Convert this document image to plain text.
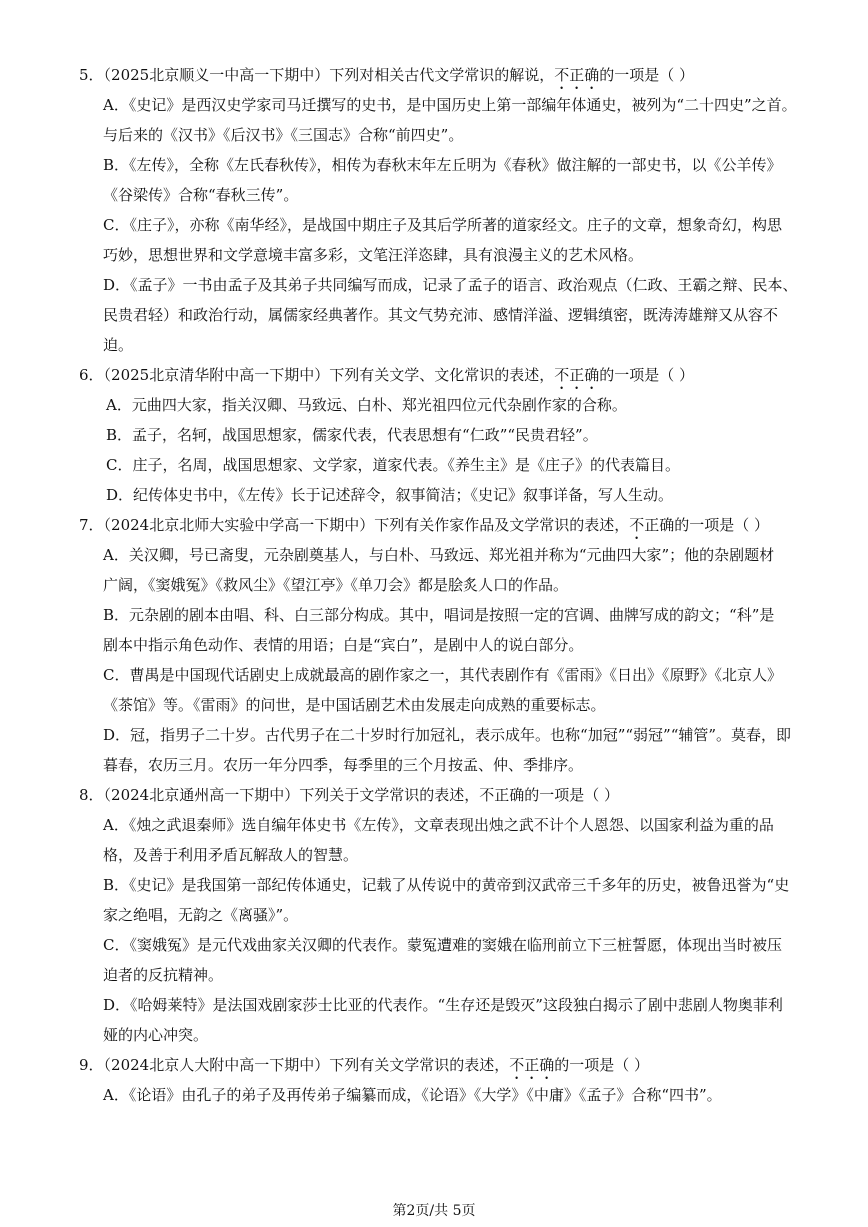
5．（2025北京顺义一中高一下期中）下列对相关古代文学常识的解说，不正确的一项是（ ）
A．《史记》是西汉史学家司马迁撰写的史书，是中国历史上第一部编年体通史，被列为“二十四史”之首。
与后来的《汉书》《后汉书》《三国志》合称“前四史”。
B．《左传》，全称《左氏春秋传》，相传为春秋末年左丘明为《春秋》做注解的一部史书，以《公羊传》
《谷梁传》合称“春秋三传”。
C．《庄子》，亦称《南华经》，是战国中期庄子及其后学所著的道家经文。庄子的文章，想象奇幻，构思
巧妙，思想世界和文学意境丰富多彩，文笔汪洋恣肆，具有浪漫主义的艺术风格。
D．《孟子》一书由孟子及其弟子共同编写而成，记录了孟子的语言、政治观点（仁政、王霸之辩、民本、
民贵君轻）和政治行动，属儒家经典著作。其文气势充沛、感情洋溢、逻辑缜密，既涛涛雄辩又从容不
迫。
6．（2025北京清华附中高一下期中）下列有关文学、文化常识的表述，不正确的一项是（ ）
A．元曲四大家，指关汉卿、马致远、白朴、郑光祖四位元代杂剧作家的合称。
B．孟子，名轲，战国思想家，儒家代表，代表思想有“仁政”“民贵君轻”。
C．庄子，名周，战国思想家、文学家，道家代表。《养生主》是《庄子》的代表篇目。
D．纪传体史书中，《左传》长于记述辞令，叙事简洁；《史记》叙事详备，写人生动。
7．（2024北京北师大实验中学高一下期中）下列有关作家作品及文学常识的表述，不正确的一项是（ ）
A．关汉卿，号已斋叟，元杂剧奠基人，与白朴、马致远、郑光祖并称为“元曲四大家”；他的杂剧题材
广阔，《窦娥冤》《救风尘》《望江亭》《单刀会》都是脍炙人口的作品。
B．元杂剧的剧本由唱、科、白三部分构成。其中，唱词是按照一定的宫调、曲牌写成的韵文；“科”是
剧本中指示角色动作、表情的用语；白是“宾白”，是剧中人的说白部分。
C．曹禺是中国现代话剧史上成就最高的剧作家之一，其代表剧作有《雷雨》《日出》《原野》《北京人》
《茶馆》等。《雷雨》的问世，是中国话剧艺术由发展走向成熟的重要标志。
D．冠，指男子二十岁。古代男子在二十岁时行加冠礼，表示成年。也称“加冠”“弱冠”“辅管”。莫春，即
暮春，农历三月。农历一年分四季，每季里的三个月按孟、仲、季排序。
8．（2024北京通州高一下期中）下列关于文学常识的表述，不正确的一项是（ ）
A．《烛之武退秦师》选自编年体史书《左传》，文章表现出烛之武不计个人恩怨、以国家利益为重的品
格，及善于利用矛盾瓦解敌人的智慧。
B．《史记》是我国第一部纪传体通史，记载了从传说中的黄帝到汉武帝三千多年的历史，被鲁迅誉为“史
家之绝唱，无韵之《离骚》”。
C．《窦娥冤》是元代戏曲家关汉卿的代表作。蒙冤遭难的窦娥在临刑前立下三桩誓愿，体现出当时被压
迫者的反抗精神。
D．《哈姆莱特》是法国戏剧家莎士比亚的代表作。“生存还是毁灭”这段独白揭示了剧中悲剧人物奥菲利
娅的内心冲突。
9．（2024北京人大附中高一下期中）下列有关文学常识的表述，不正确的一项是（ ）
A．《论语》由孔子的弟子及再传弟子编纂而成，《论语》《大学》《中庸》《孟子》合称“四书”。
第2页/共 5页
